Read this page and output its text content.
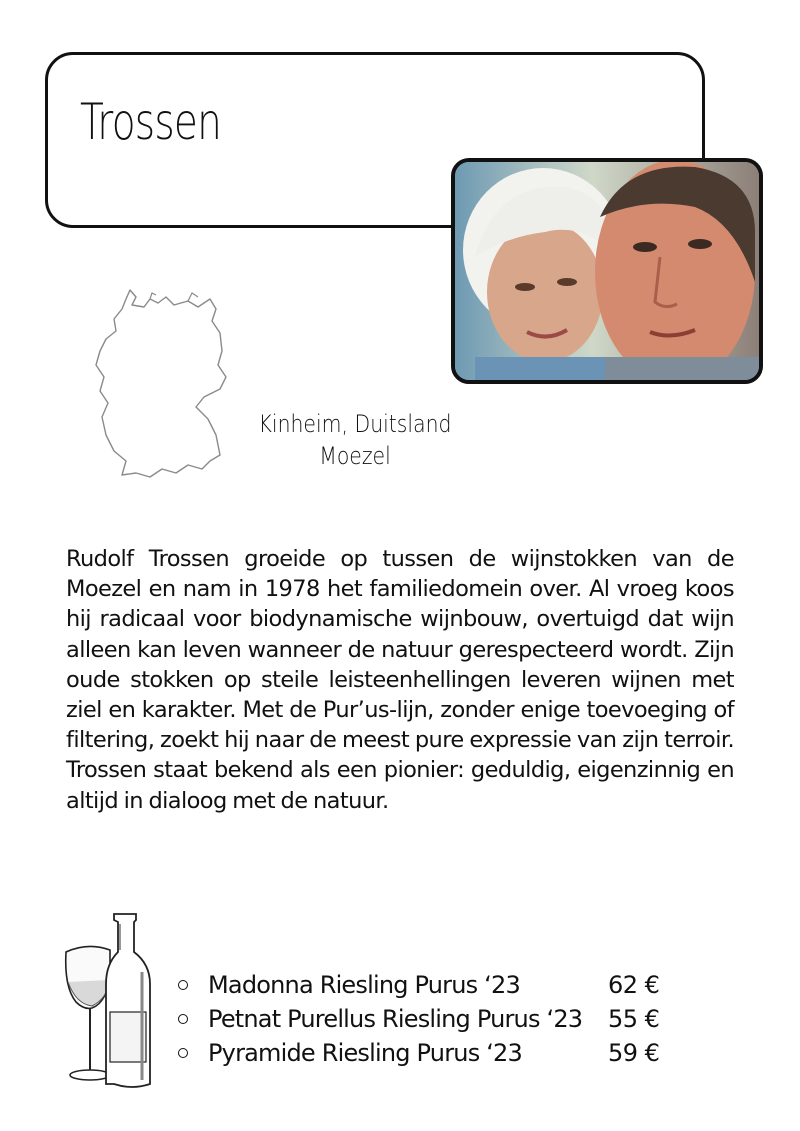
Trossen
Kinheim, Duitsland
Moezel

Rudolf Trossen groeide op tussen de wijnstokken van de Moezel en nam in 1978 het familiedomein over. Al vroeg koos hij radicaal voor biodynamische wijnbouw, overtuigd dat wijn alleen kan leven wanneer de natuur gerespecteerd wordt. Zijn oude stokken op steile leisteenhellingen leveren wijnen met ziel en karakter. Met de Pur’us-lijn, zonder enige toevoeging of filtering, zoekt hij naar de meest pure expressie van zijn terroir. Trossen staat bekend als een pionier: geduldig, eigenzinnig en altijd in dialoog met de natuur.

Madonna Riesling Purus ‘23	62 €
Petnat Purellus Riesling Purus ‘23 55 €
Pyramide Riesling Purus ‘23	59 €
